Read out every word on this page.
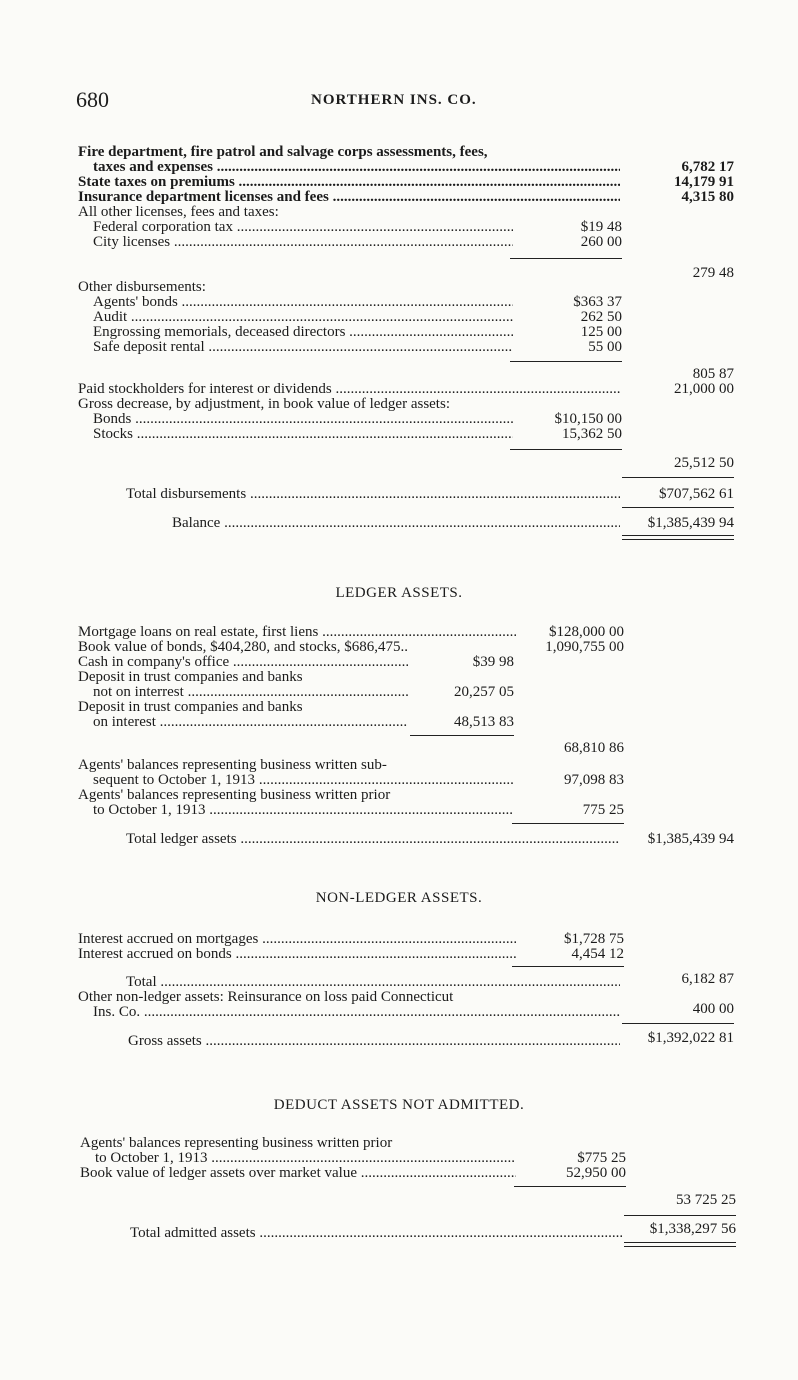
680	NORTHERN INS. CO.
Fire department, fire patrol and salvage corps assessments, fees,
taxes and expenses .....	6,782 17
State taxes on premiums .....	14,179 91
Insurance department licenses and fees .....	4,315 80
All other licenses, fees and taxes:
Federal corporation tax .....	$19 48
City licenses .....	260 00
279 48
Other disbursements:
Agents' bonds .....	$363 37
Audit .....	262 50
Engrossing memorials, deceased directors .....	125 00
Safe deposit rental .....	55 00
805 87
Paid stockholders for interest or dividends .....	21,000 00
Gross decrease, by adjustment, in book value of ledger assets:
Bonds .....	$10,150 00
Stocks .....	15,362 50
25,512 50
Total disbursements .....	$707,562 61
Balance .....	$1,385,439 94
LEDGER ASSETS.
Mortgage loans on real estate, first liens .....	$128,000 00
Book value of bonds, $404,280, and stocks, $686,475..	1,090,755 00
Cash in company's office .....	$39 98
Deposit in trust companies and banks
not on interrest .....	20,257 05
Deposit in trust companies and banks
on interest .....	48,513 83
68,810 86
Agents' balances representing business written sub-
sequent to October 1, 1913 .....	97,098 83
Agents' balances representing business written prior
to October 1, 1913 .....	775 25
Total ledger assets .....	$1,385,439 94
NON-LEDGER ASSETS.
Interest accrued on mortgages .....	$1,728 75
Interest accrued on bonds .....	4,454 12
Total .....	6,182 87
Other non-ledger assets: Reinsurance on loss paid Connecticut
Ins. Co. .....	400 00
Gross assets .....	$1,392,022 81
DEDUCT ASSETS NOT ADMITTED.
Agents' balances representing business written prior
to October 1, 1913 .....	$775 25
Book value of ledger assets over market value .....	52,950 00
53 725 25
Total admitted assets .....	$1,338,297 56
